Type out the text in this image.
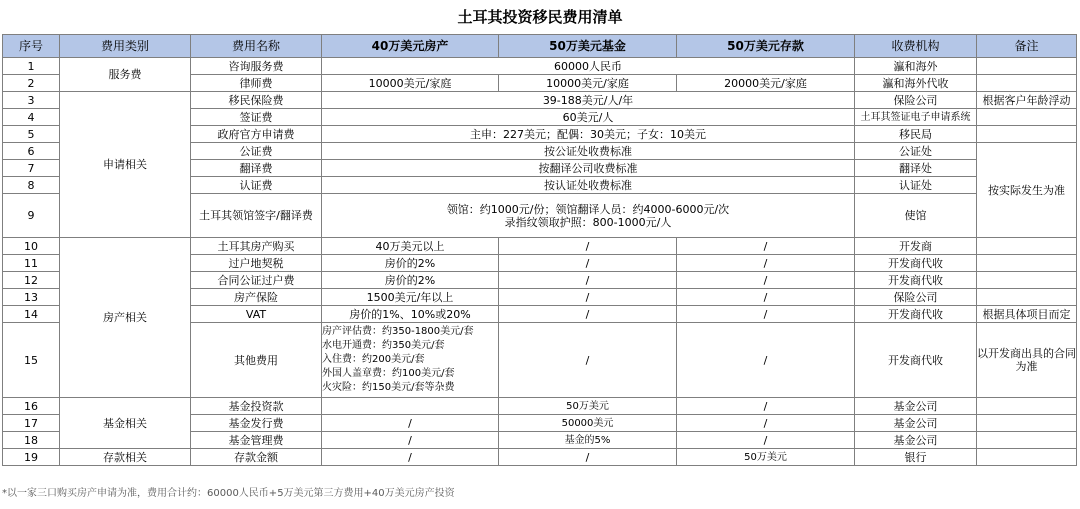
土耳其投资移民费用清单
序号	费用类别	费用名称	40万美元房产	50万美元基金	50万美元存款	收费机构	备注
1	服务费	咨询服务费	60000人民币			瀛和海外	
2		律师费	10000美元/家庭	10000美元/家庭	20000美元/家庭	瀛和海外代收	
3	申请相关	移民保险费	39-188美元/人/年			保险公司	根据客户年龄浮动
4		签证费	60美元/人			土耳其签证电子申请系统	
5		政府官方申请费	主申：227美元；配偶：30美元；子女：10美元			移民局	
6		公证费	按公证处收费标准			公证处	按实际发生为准
7		翻译费	按翻译公司收费标准			翻译处	
8		认证费	按认证处收费标准			认证处	
9		土耳其领馆签字/翻译费	领馆：约1000元/份；领馆翻译人员：约4000-6000元/次
录指纹领取护照：800-1000元/人			使馆	
10	房产相关	土耳其房产购买	40万美元以上	/	/	开发商	
11		过户地契税	房价的2%	/	/	开发商代收	
12		合同公证过户费	房价的2%	/	/	开发商代收	
13		房产保险	1500美元/年以上	/	/	保险公司	
14		VAT	房价的1%、10%或20%	/	/	开发商代收	根据具体项目而定
15		其他费用	房产评估费：约350-1800美元/套
水电开通费：约350美元/套
入住费：约200美元/套
外国人盖章费：约100美元/套
火灾险：约150美元/套等杂费	/	/	开发商代收	以开发商出具的合同为准
16	基金相关	基金投资款		50万美元	/	基金公司	
17		基金发行费	/	50000美元	/	基金公司	
18		基金管理费	/	基金的5%	/	基金公司	
19	存款相关	存款金额	/	/	50万美元	银行	
*以一家三口购买房产申请为准，费用合计约：60000人民币+5万美元第三方费用+40万美元房产投资
